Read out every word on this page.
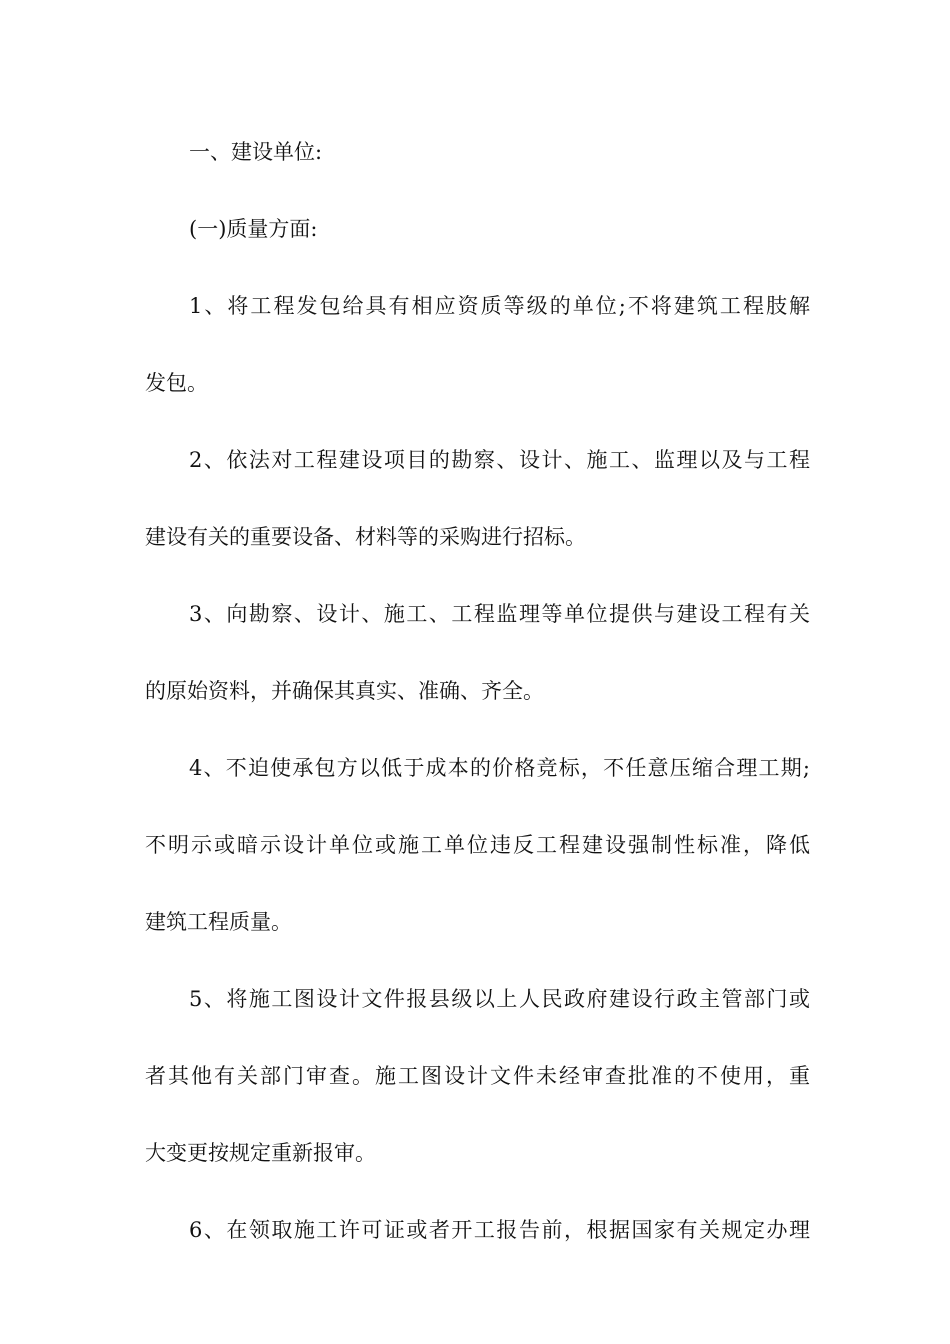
一、建设单位:
(一)质量方面:
1、将工程发包给具有相应资质等级的单位;不将建筑工程肢解
发包。
2、依法对工程建设项目的勘察、设计、施工、监理以及与工程
建设有关的重要设备、材料等的采购进行招标。
3、向勘察、设计、施工、工程监理等单位提供与建设工程有关
的原始资料，并确保其真实、准确、齐全。
4、不迫使承包方以低于成本的价格竞标，不任意压缩合理工期;
不明示或暗示设计单位或施工单位违反工程建设强制性标准，降低
建筑工程质量。
5、将施工图设计文件报县级以上人民政府建设行政主管部门或
者其他有关部门审查。施工图设计文件未经审查批准的不使用，重
大变更按规定重新报审。
6、在领取施工许可证或者开工报告前，根据国家有关规定办理
